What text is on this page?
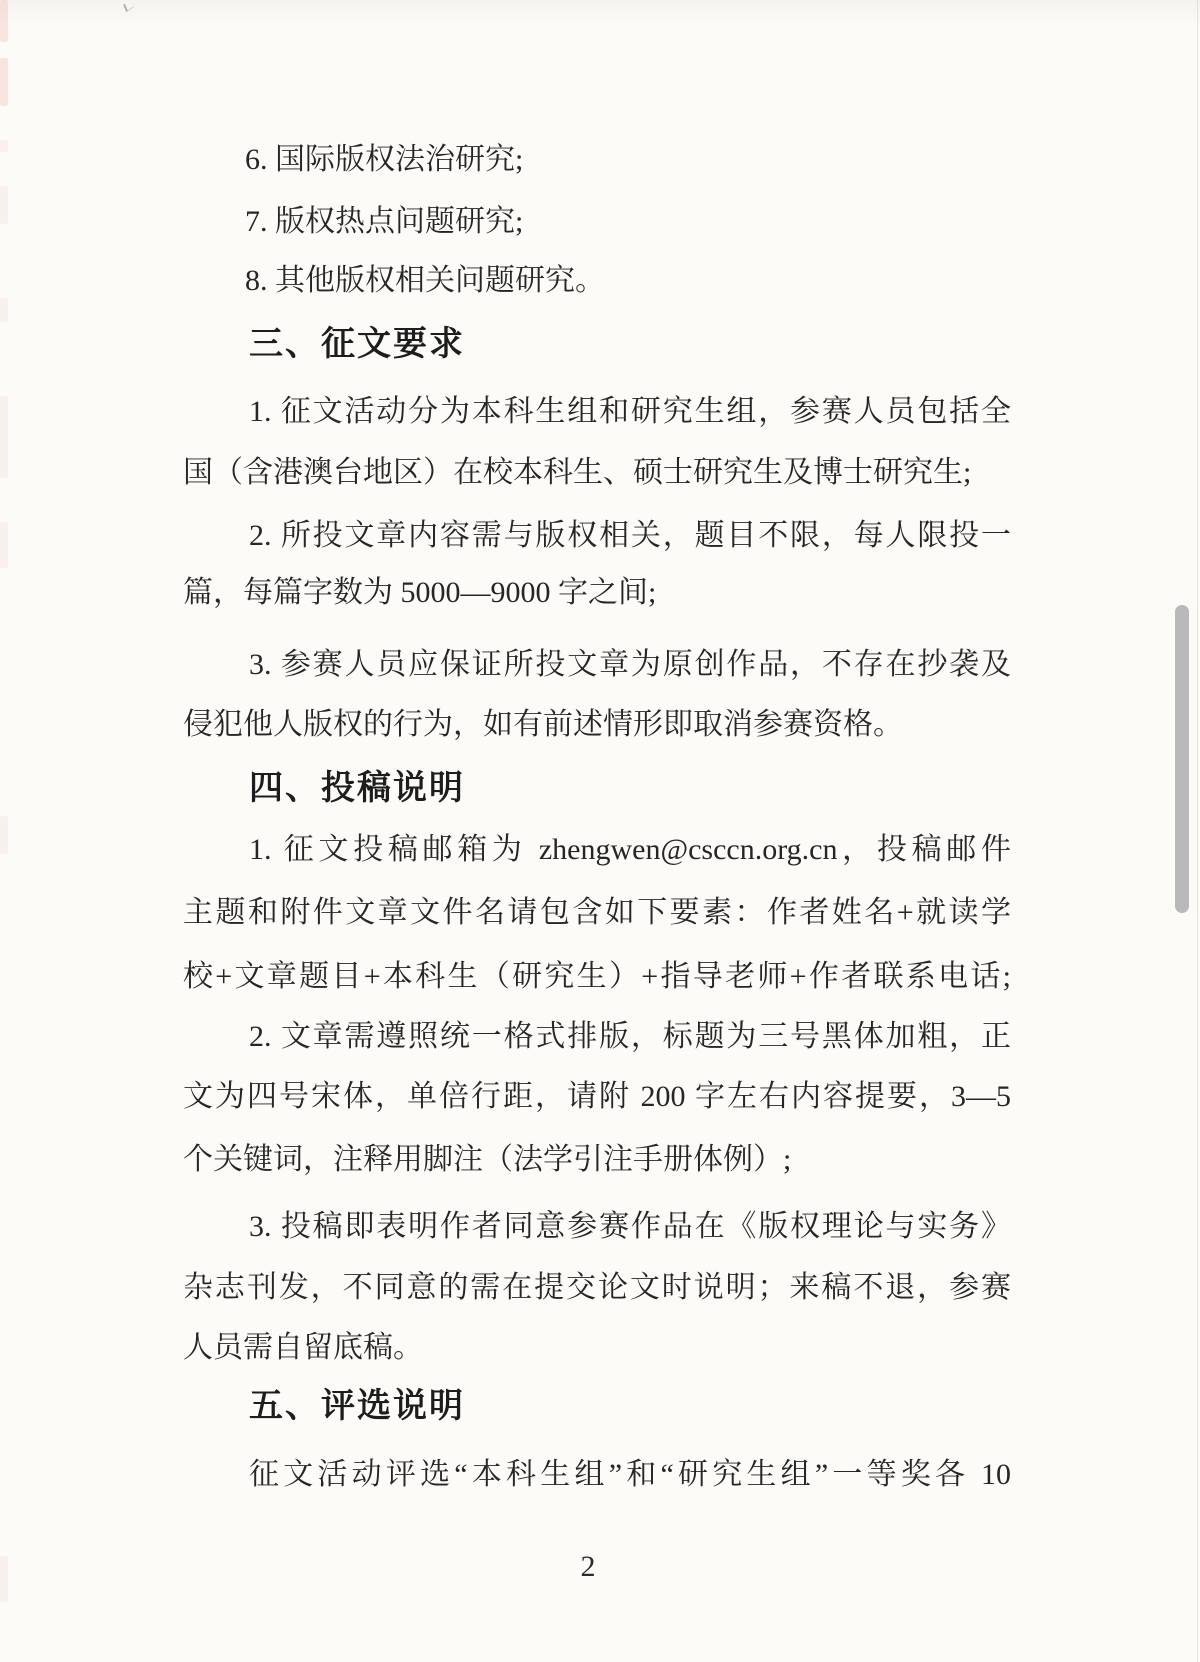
6. 国际版权法治研究;
7. 版权热点问题研究;
8. 其他版权相关问题研究。
三、征文要求
1. 征文活动分为本科生组和研究生组，参赛人员包括全
国（含港澳台地区）在校本科生、硕士研究生及博士研究生;
2. 所投文章内容需与版权相关，题目不限，每人限投一
篇，每篇字数为 5000—9000 字之间;
3. 参赛人员应保证所投文章为原创作品，不存在抄袭及
侵犯他人版权的行为，如有前述情形即取消参赛资格。
四、投稿说明
1. 征文投稿邮箱为 zhengwen@csccn.org.cn，投稿邮件
主题和附件文章文件名请包含如下要素：作者姓名+就读学
校+文章题目+本科生（研究生）+指导老师+作者联系电话;
2. 文章需遵照统一格式排版，标题为三号黑体加粗，正
文为四号宋体，单倍行距，请附 200 字左右内容提要，3—5
个关键词，注释用脚注（法学引注手册体例）;
3. 投稿即表明作者同意参赛作品在《版权理论与实务》
杂志刊发，不同意的需在提交论文时说明；来稿不退，参赛
人员需自留底稿。
五、评选说明
征文活动评选“本科生组”和“研究生组”一等奖各 10
2
